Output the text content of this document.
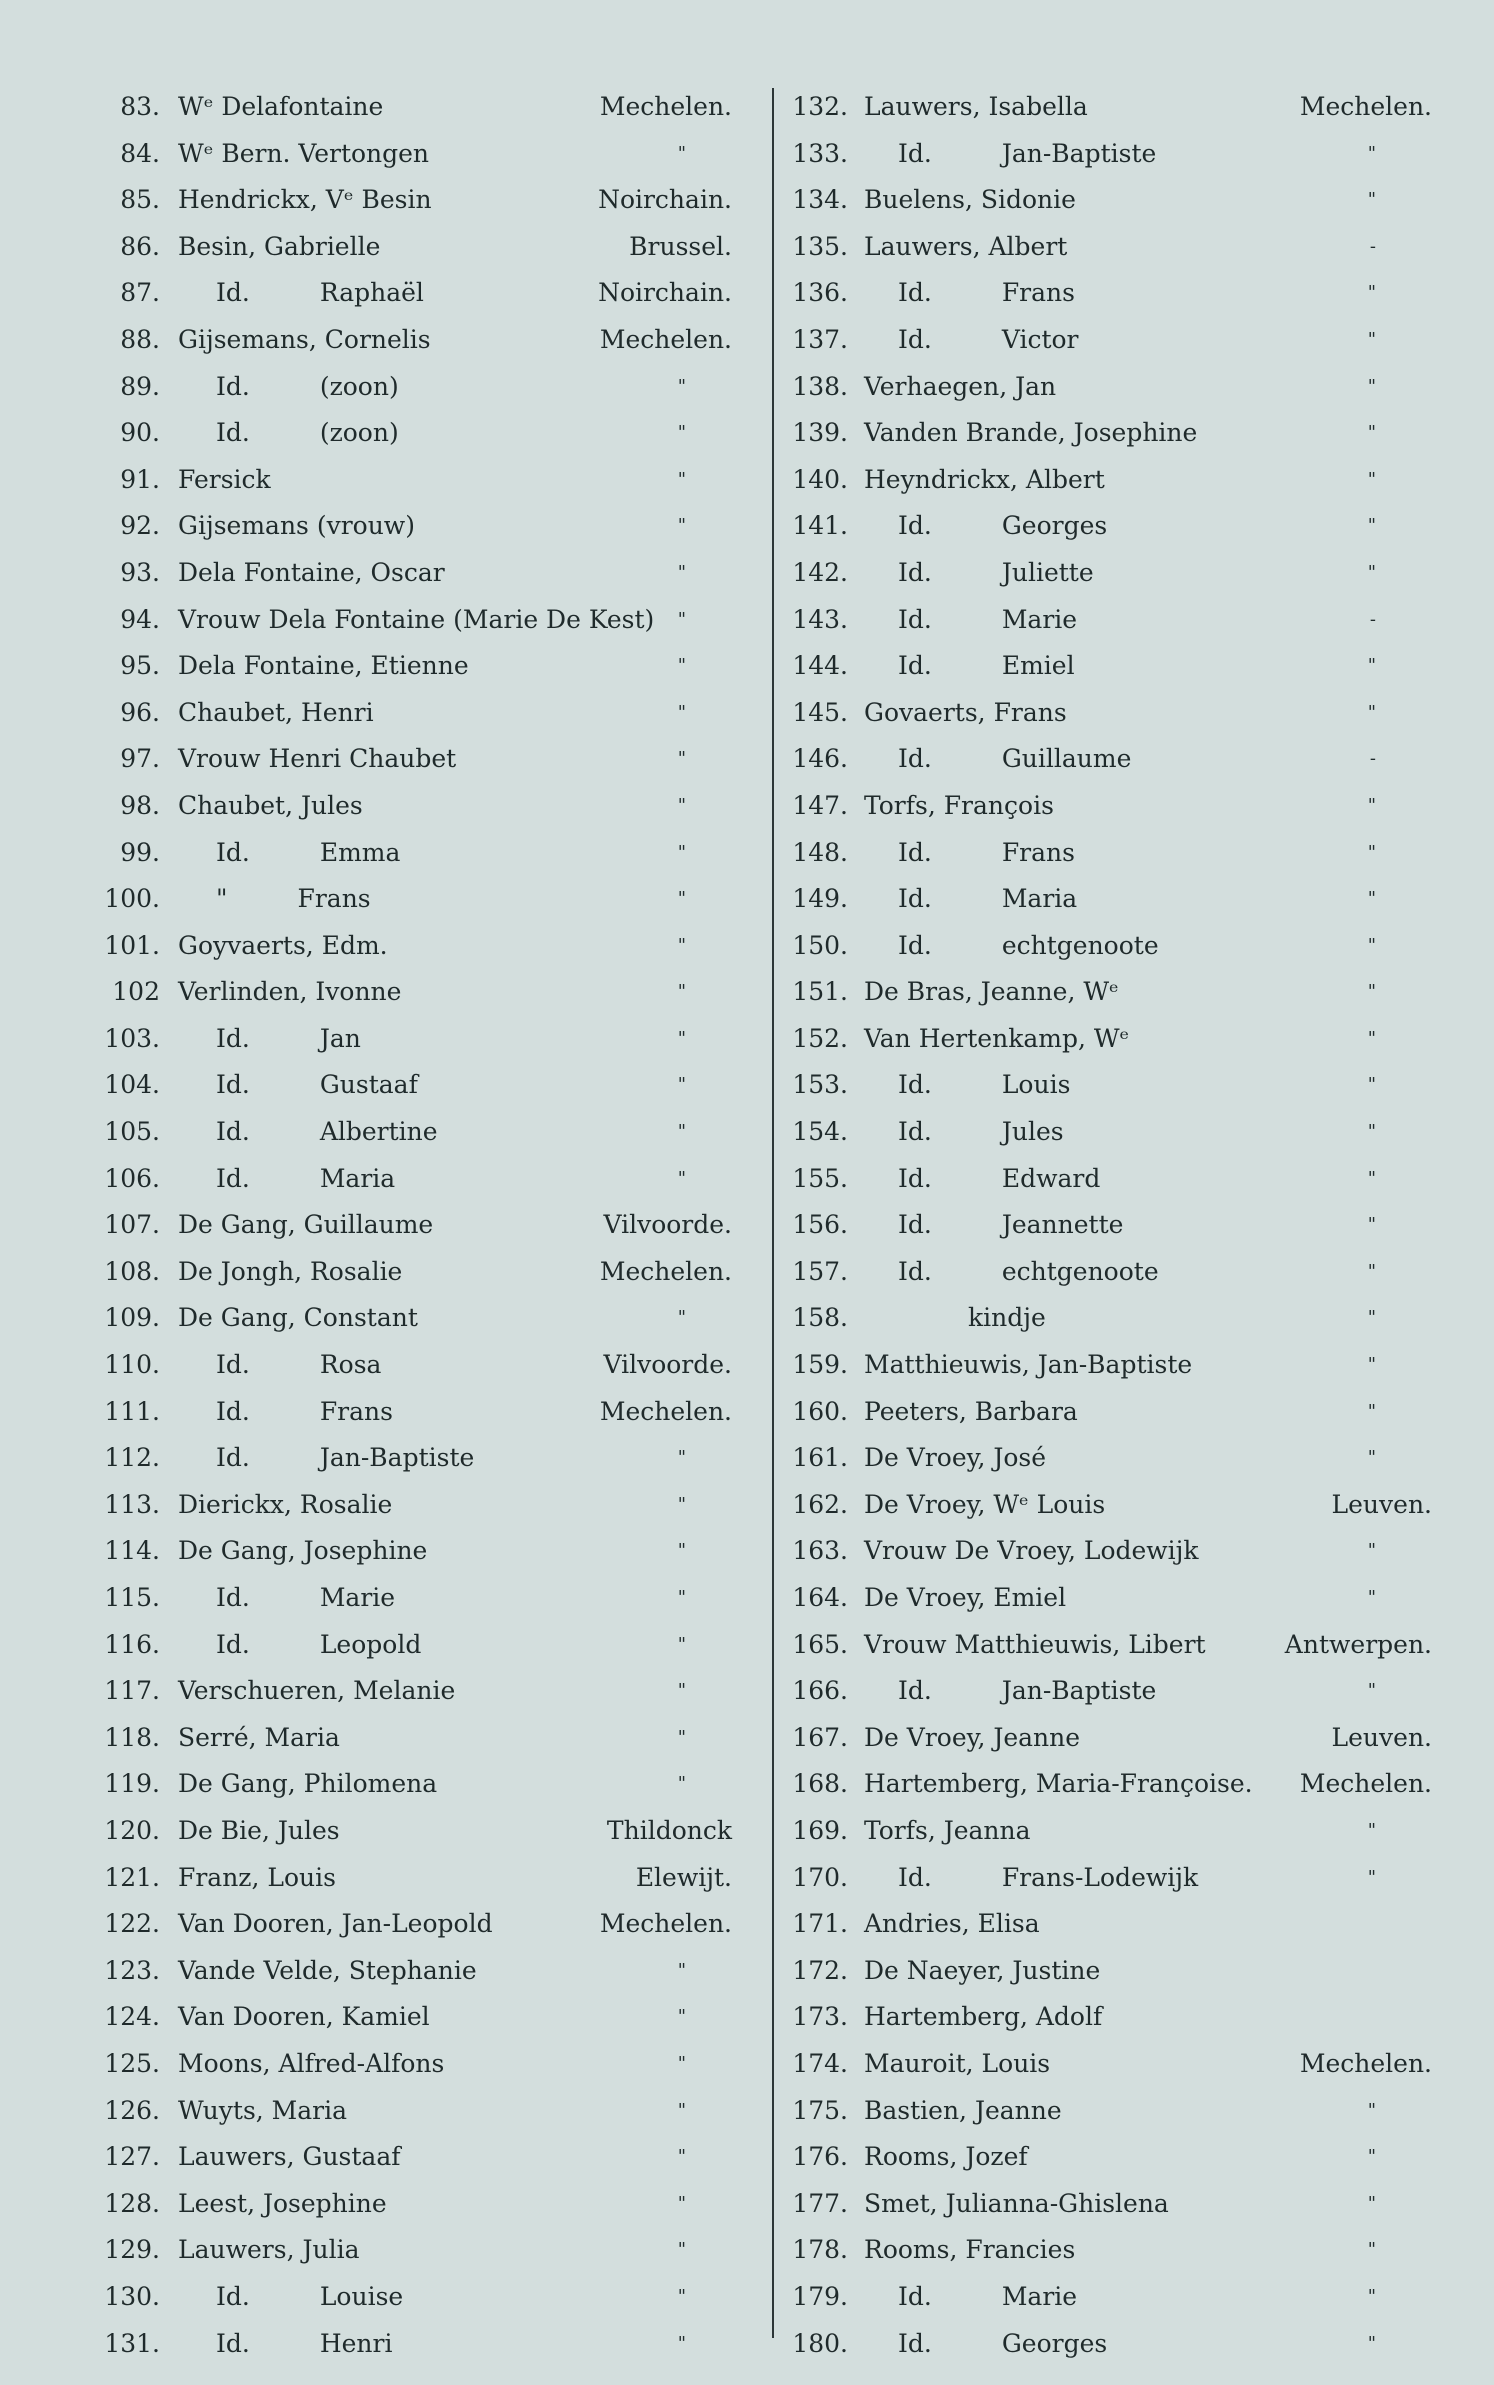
83. Wᵉ Delafontaine	Mechelen.
84. Wᵉ Bern. Vertongen	"
85. Hendrickx, Vᵉ Besin	Noirchain.
86. Besin, Gabrielle	Brussel.
87. Id.	Raphaël	Noirchain.
88. Gijsemans, Cornelis	Mechelen.
89. Id.	(zoon)	"
90. Id.	(zoon)	"
91. Fersick	"
92. Gijsemans (vrouw)	"
93. Dela Fontaine, Oscar	"
94. Vrouw Dela Fontaine (Marie De Kest) "
95. Dela Fontaine, Etienne	"
96. Chaubet, Henri	"
97. Vrouw Henri Chaubet	"
98. Chaubet, Jules	"
99. Id.	Emma	"
100. "	Frans	"
101. Goyvaerts, Edm.	"
102 Verlinden, Ivonne	"
103. Id.	Jan	"
104. Id.	Gustaaf	"
105. Id.	Albertine	"
106. Id.	Maria	"
107. De Gang, Guillaume	Vilvoorde.
108. De Jongh, Rosalie	Mechelen.
109. De Gang, Constant	"
110. Id.	Rosa	Vilvoorde.
111. Id.	Frans	Mechelen.
112. Id.	Jan-Baptiste	"
113. Dierickx, Rosalie	"
114. De Gang, Josephine	"
115. Id.	Marie	"
116. Id.	Leopold	"
117. Verschueren, Melanie	"
118. Serré, Maria	"
119. De Gang, Philomena	"
120. De Bie, Jules	Thildonck
121. Franz, Louis	Elewijt.
122. Van Dooren, Jan-Leopold	Mechelen.
123. Vande Velde, Stephanie	"
124. Van Dooren, Kamiel	"
125. Moons, Alfred-Alfons	"
126. Wuyts, Maria	"
127. Lauwers, Gustaaf	"
128. Leest, Josephine	"
129. Lauwers, Julia	"
130. Id.	Louise	"
131. Id.	Henri	"
132. Lauwers, Isabella	Mechelen.
133. Id.	Jan-Baptiste	"
134. Buelens, Sidonie	"
135. Lauwers, Albert	-
136. Id.	Frans	"
137. Id.	Victor	"
138. Verhaegen, Jan	"
139. Vanden Brande, Josephine	"
140. Heyndrickx, Albert	"
141. Id.	Georges	"
142. Id.	Juliette	"
143. Id.	Marie	-
144. Id.	Emiel	"
145. Govaerts, Frans	"
146. Id.	Guillaume	-
147. Torfs, François	"
148. Id.	Frans	"
149. Id.	Maria	"
150. Id.	echtgenoote	"
151. De Bras, Jeanne, Wᵉ	"
152. Van Hertenkamp, Wᵉ	"
153. Id.	Louis	"
154. Id.	Jules	"
155. Id.	Edward	"
156. Id.	Jeannette	"
157. Id.	echtgenoote	"
158.	kindje	"
159. Matthieuwis, Jan-Baptiste	"
160. Peeters, Barbara	"
161. De Vroey, José	"
162. De Vroey, Wᵉ Louis	Leuven.
163. Vrouw De Vroey, Lodewijk	"
164. De Vroey, Emiel	"
165. Vrouw Matthieuwis, Libert	Antwerpen.
166. Id.	Jan-Baptiste	"
167. De Vroey, Jeanne	Leuven.
168. Hartemberg, Maria-Françoise. Mechelen.
169. Torfs, Jeanna	"
170. Id.	Frans-Lodewijk	"
171. Andries, Elisa
172. De Naeyer, Justine
173. Hartemberg, Adolf
174. Mauroit, Louis	Mechelen.
175. Bastien, Jeanne	"
176. Rooms, Jozef	"
177. Smet, Julianna-Ghislena	"
178. Rooms, Francies	"
179. Id.	Marie	"
180. Id.	Georges	"
